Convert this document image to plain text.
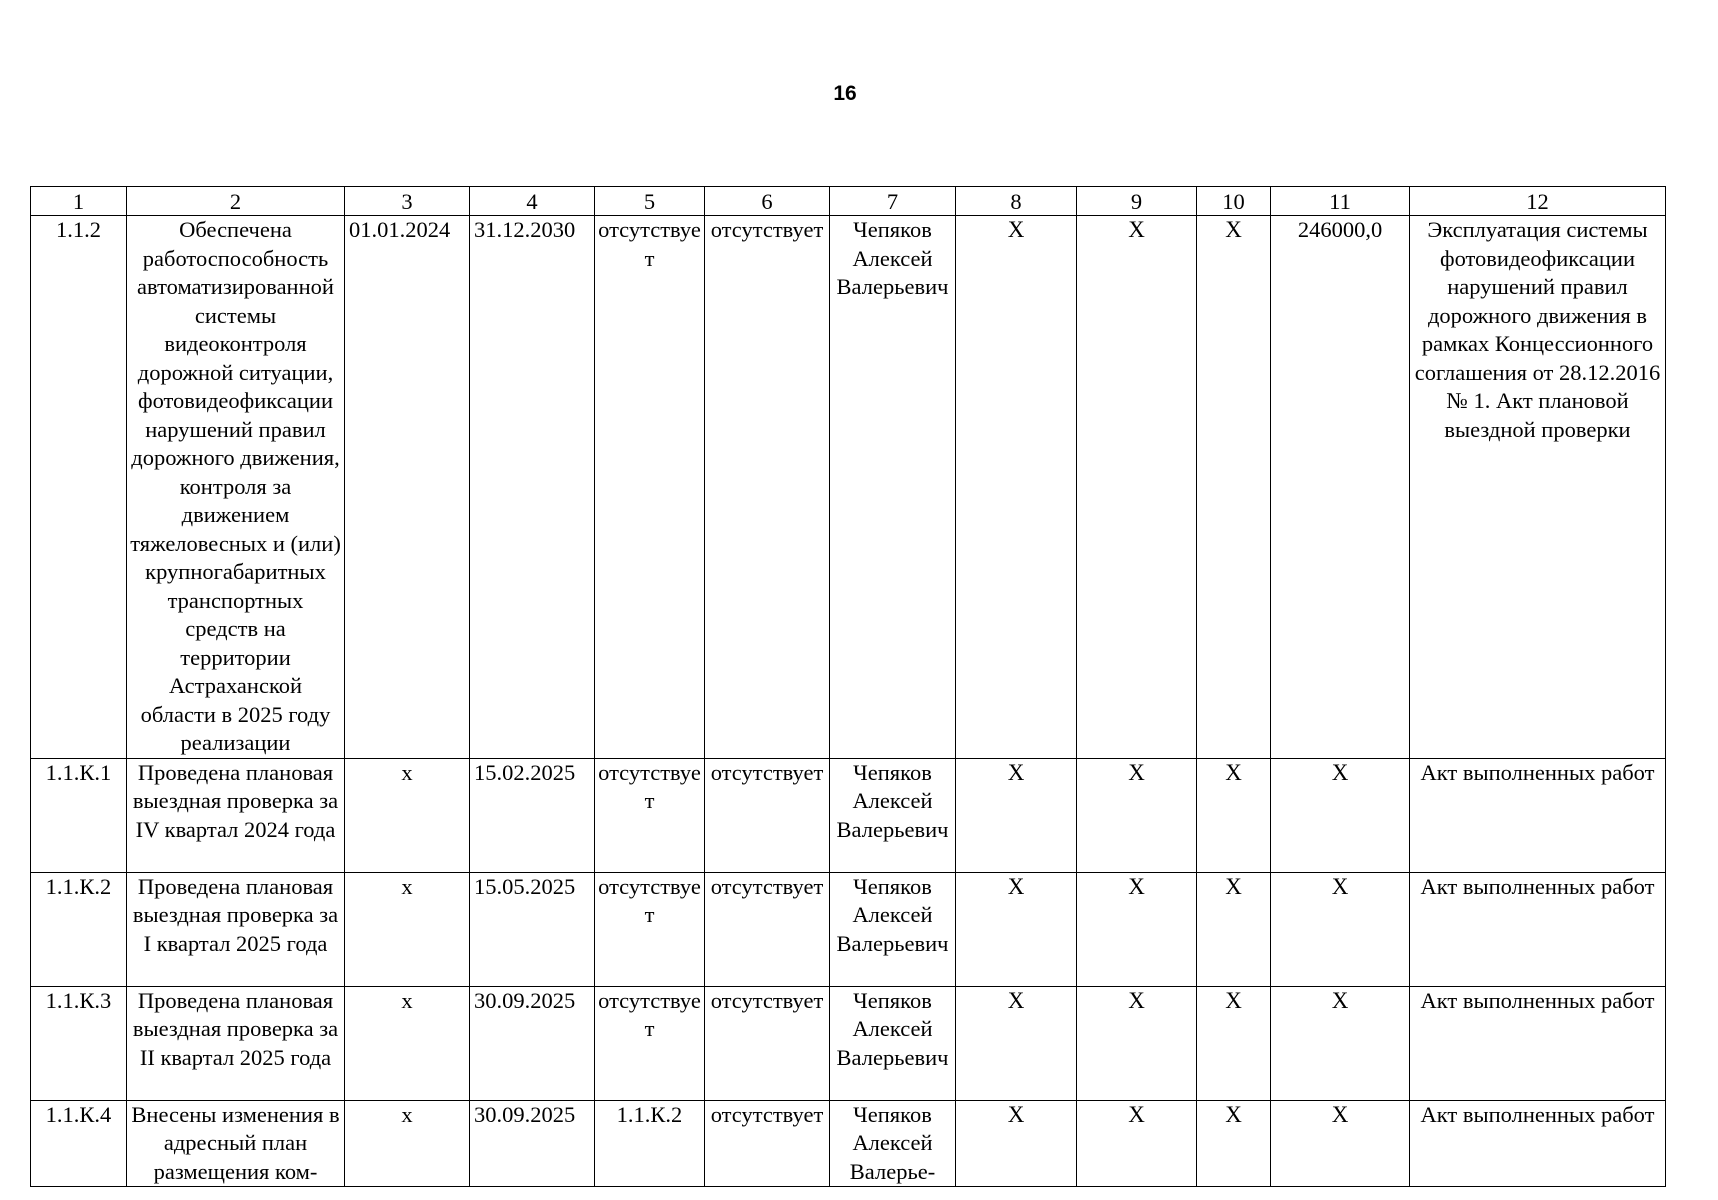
16
1	2	3	4	5	6	7	8	9	10	11	12
1.1.2	Обеспечена работоспособность автоматизированной системы видеоконтроля дорожной ситуации, фотовидеофиксации нарушений правил дорожного движения, контроля за движением тяжеловесных и (или) крупногабаритных транспортных средств на территории Астраханской области в 2025 году реализации	01.01.2024	31.12.2030	отсутствует	отсутствует	Чепяков Алексей Валерьевич	X	X	X	246000,0	Эксплуатация системы фотовидеофиксации нарушений правил дорожного движения в рамках Концессионного соглашения от 28.12.2016 № 1. Акт плановой выездной проверки
1.1.К.1	Проведена плановая выездная проверка за IV квартал 2024 года	х	15.02.2025	отсутствует	отсутствует	Чепяков Алексей Валерьевич	X	X	X	X	Акт выполненных работ
1.1.К.2	Проведена плановая выездная проверка за I квартал 2025 года	х	15.05.2025	отсутствует	отсутствует	Чепяков Алексей Валерьевич	X	X	X	X	Акт выполненных работ
1.1.К.3	Проведена плановая выездная проверка за II квартал 2025 года	х	30.09.2025	отсутствует	отсутствует	Чепяков Алексей Валерьевич	X	X	X	X	Акт выполненных работ
1.1.К.4	Внесены изменения в адресный план размещения ком-	х	30.09.2025	1.1.К.2	отсутствует	Чепяков Алексей Валерье-	X	X	X	X	Акт выполненных работ
